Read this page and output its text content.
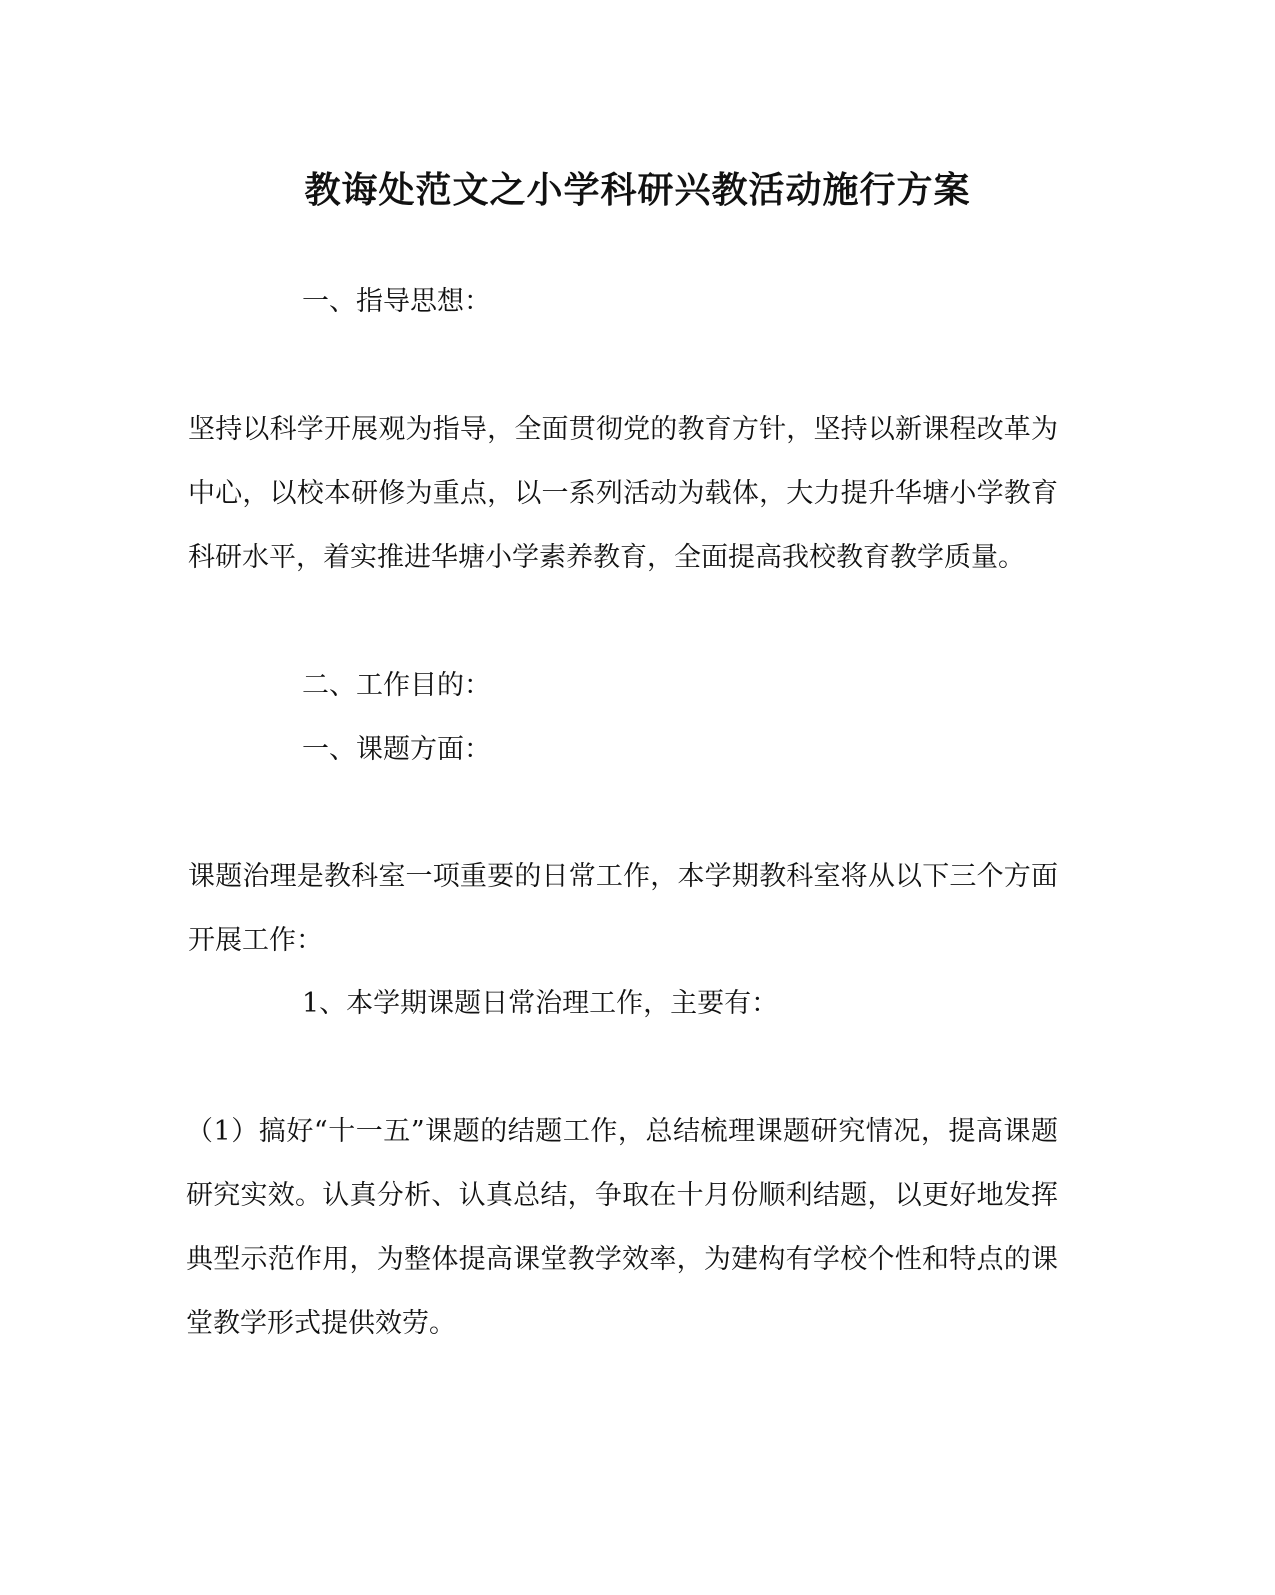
教诲处范文之小学科研兴教活动施行方案
一、指导思想：
坚持以科学开展观为指导，全面贯彻党的教育方针，坚持以新课程改革为中心，以校本研修为重点，以一系列活动为载体，大力提升华塘小学教育科研水平，着实推进华塘小学素养教育，全面提高我校教育教学质量。
二、工作目的：
一、课题方面：
课题治理是教科室一项重要的日常工作，本学期教科室将从以下三个方面开展工作：
1、本学期课题日常治理工作，主要有：
（1）搞好“十一五”课题的结题工作，总结梳理课题研究情况，提高课题研究实效。认真分析、认真总结，争取在十月份顺利结题，以更好地发挥典型示范作用，为整体提高课堂教学效率，为建构有学校个性和特点的课堂教学形式提供效劳。
